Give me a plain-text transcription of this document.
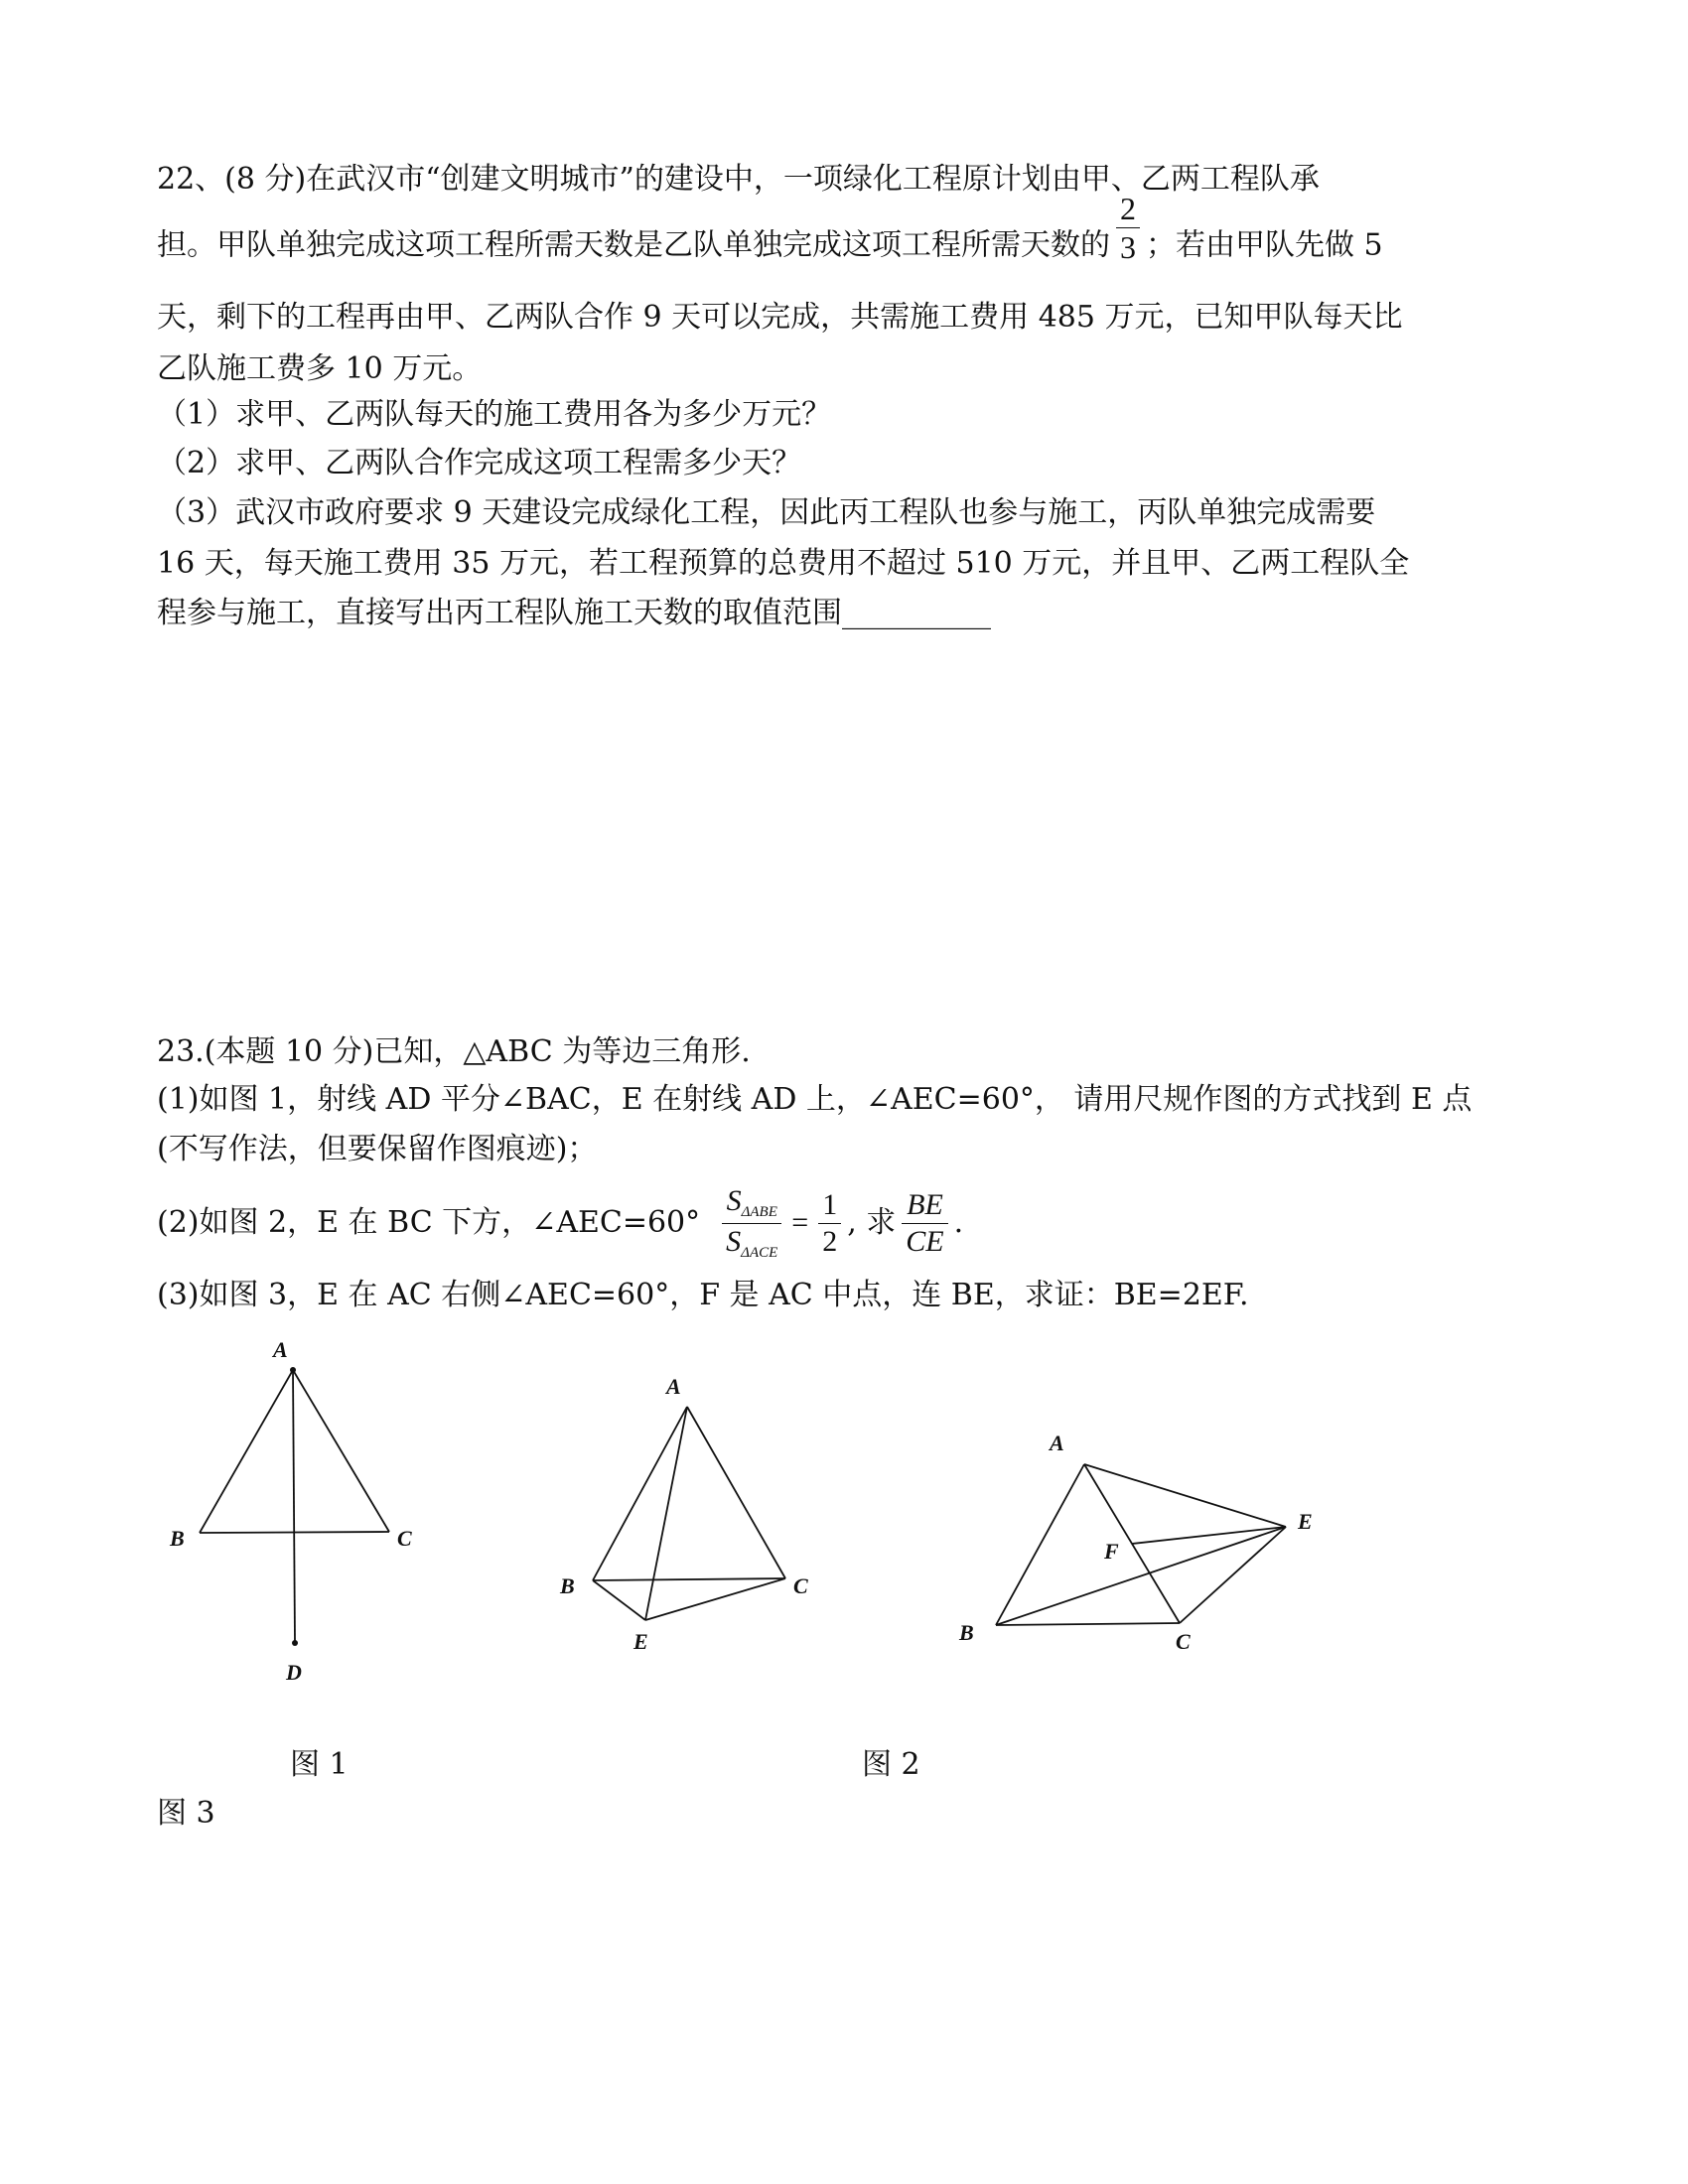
22、(8 分)在武汉市“创建文明城市”的建设中，一项绿化工程原计划由甲、乙两工程队承
担。甲队单独完成这项工程所需天数是乙队单独完成这项工程所需天数的 $\frac{2}{3}$ ；若由甲队先做 5
天，剩下的工程再由甲、乙两队合作 9 天可以完成，共需施工费用 485 万元，已知甲队每天比
乙队施工费多 10 万元。
（1）求甲、乙两队每天的施工费用各为多少万元？
（2）求甲、乙两队合作完成这项工程需多少天？
（3）武汉市政府要求 9 天建设完成绿化工程，因此丙工程队也参与施工，丙队单独完成需要
16 天，每天施工费用 35 万元，若工程预算的总费用不超过 510 万元，并且甲、乙两工程队全
程参与施工，直接写出丙工程队施工天数的取值范围__________
23.(本题 10 分)已知，△ABC 为等边三角形.
(1)如图 1，射线 AD 平分∠BAC，E 在射线 AD 上，∠AEC=60°， 请用尺规作图的方式找到 E 点
(不写作法，但要保留作图痕迹)；
(2)如图 2，E 在 BC 下方，∠AEC=60° $\frac{S_{\Delta ABE}}{S_{\Delta ACE}} = \frac{1}{2}$ , 求 $\frac{BE}{CE}$ .
(3)如图 3，E 在 AC 右侧∠AEC=60°，F 是 AC 中点，连 BE，求证：BE=2EF.
A
B	C
D
A
B	C
E
A
E
F
B	C
图 1	图 2
图 3
